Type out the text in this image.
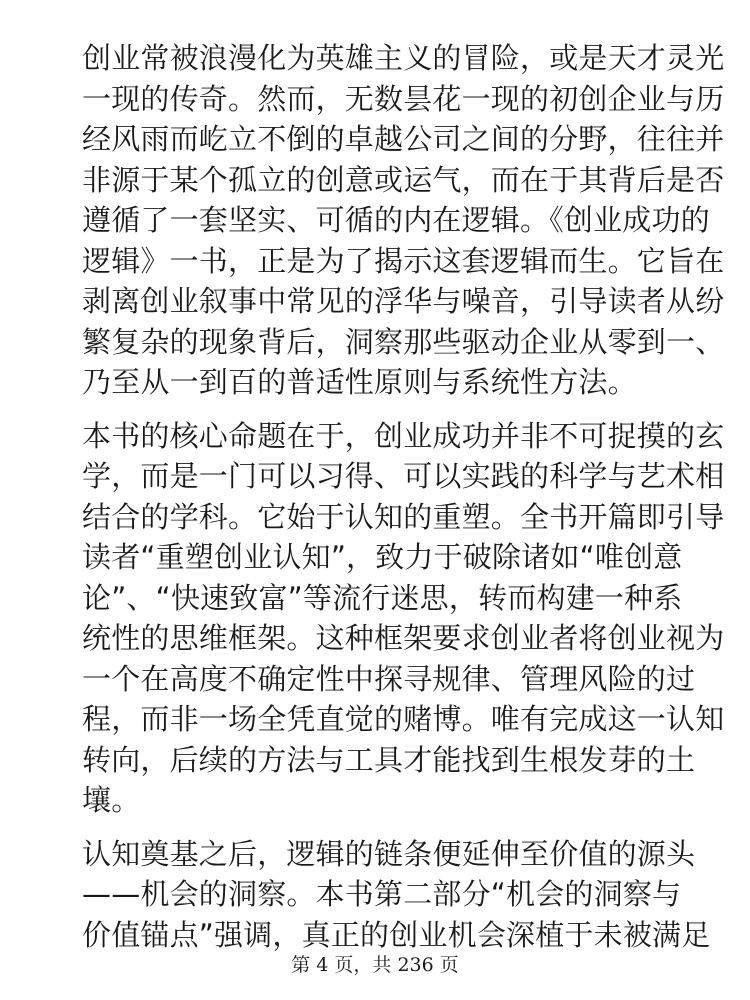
创业常被浪漫化为英雄主义的冒险，或是天才灵光
一现的传奇。然而，无数昙花一现的初创企业与历
经风雨而屹立不倒的卓越公司之间的分野，往往并
非源于某个孤立的创意或运气，而在于其背后是否
遵循了一套坚实、可循的内在逻辑。《创业成功的
逻辑》一书，正是为了揭示这套逻辑而生。它旨在
剥离创业叙事中常见的浮华与噪音，引导读者从纷
繁复杂的现象背后，洞察那些驱动企业从零到一、
乃至从一到百的普适性原则与系统性方法。

本书的核心命题在于，创业成功并非不可捉摸的玄
学，而是一门可以习得、可以实践的科学与艺术相
结合的学科。它始于认知的重塑。全书开篇即引导
读者“重塑创业认知”，致力于破除诸如“唯创意
论”、“快速致富”等流行迷思，转而构建一种系
统性的思维框架。这种框架要求创业者将创业视为
一个在高度不确定性中探寻规律、管理风险的过
程，而非一场全凭直觉的赌博。唯有完成这一认知
转向，后续的方法与工具才能找到生根发芽的土
壤。

认知奠基之后，逻辑的链条便延伸至价值的源头
——机会的洞察。本书第二部分“机会的洞察与
价值锚点”强调，真正的创业机会深植于未被满足

第 4 页，共 236 页
